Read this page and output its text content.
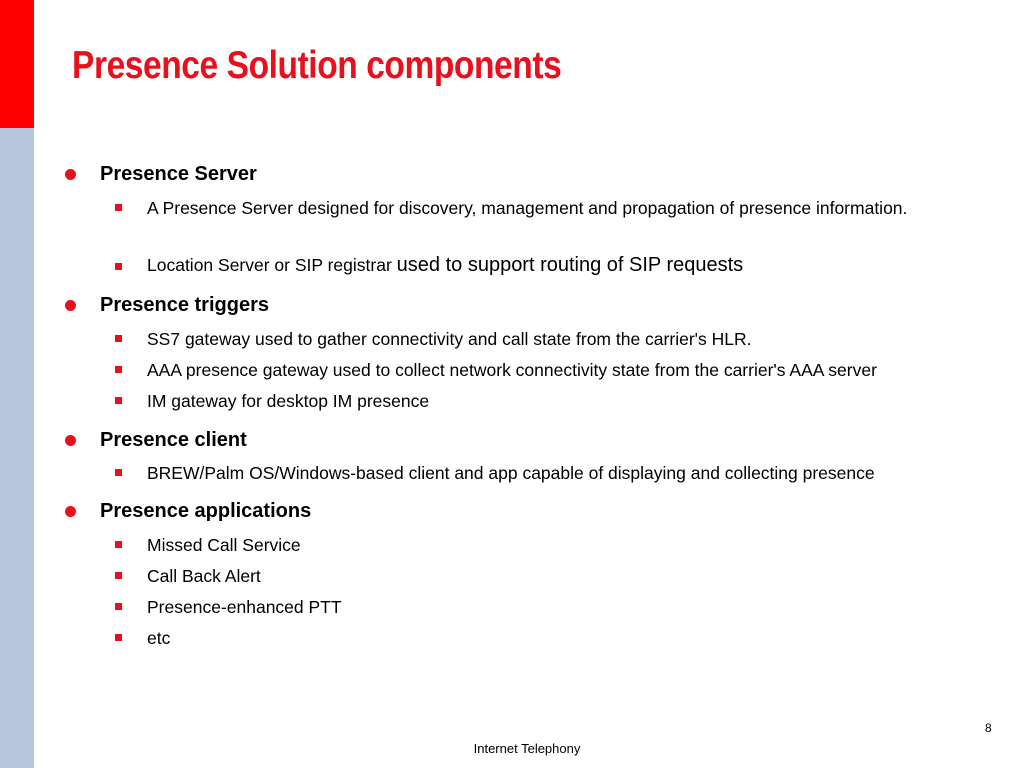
Presence Solution components
Presence Server
A Presence Server designed for discovery, management and propagation of presence information.
Location Server or SIP registrar used to support routing of SIP requests
Presence triggers
SS7 gateway used to gather connectivity and call state from the carrier's HLR.
AAA presence gateway used to collect network connectivity state from the carrier's AAA server
IM gateway for desktop IM presence
Presence client
BREW/Palm OS/Windows-based client and app capable of displaying and collecting presence
Presence applications
Missed Call Service
Call Back Alert
Presence-enhanced PTT
etc
8
Internet Telephony
